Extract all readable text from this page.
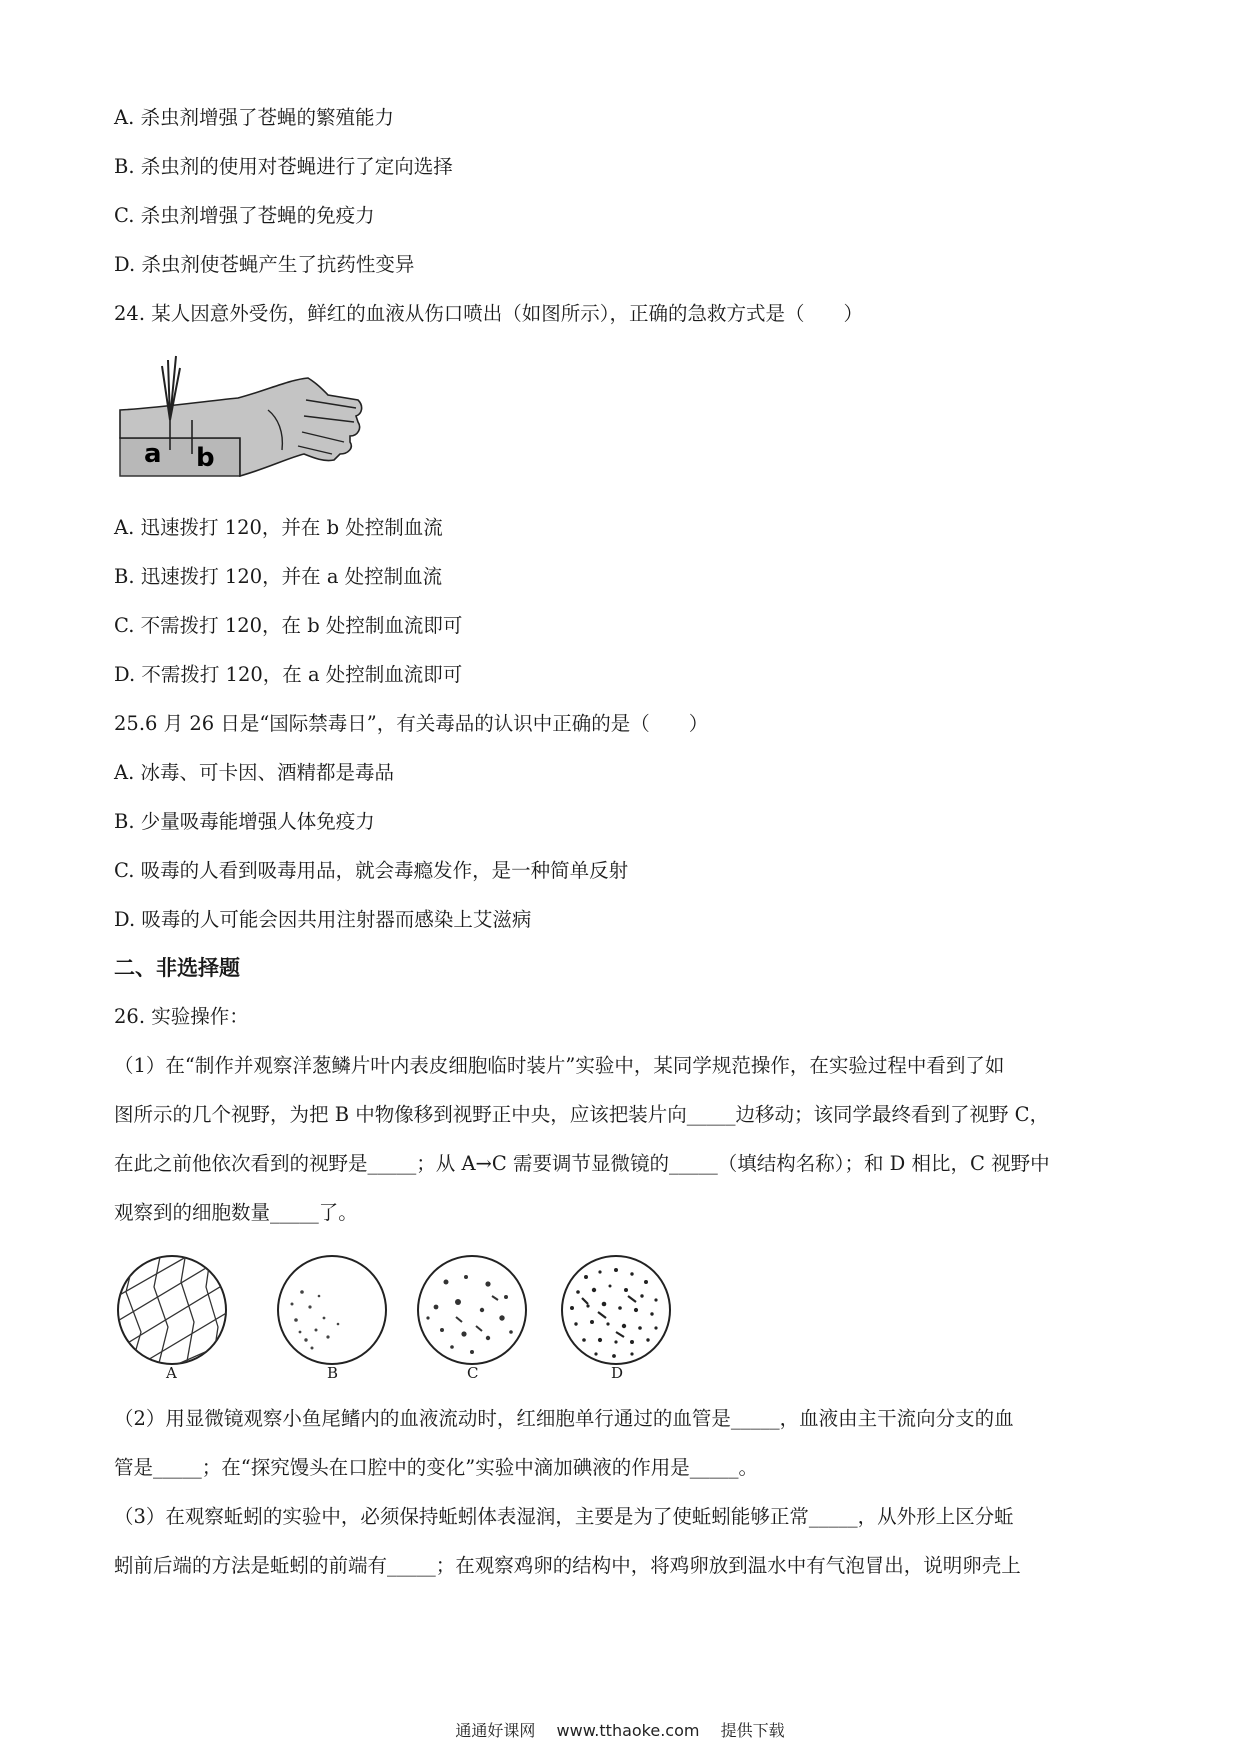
A. 杀虫剂增强了苍蝇的繁殖能力
B. 杀虫剂的使用对苍蝇进行了定向选择
C. 杀虫剂增强了苍蝇的免疫力
D. 杀虫剂使苍蝇产生了抗药性变异
24. 某人因意外受伤，鲜红的血液从伤口喷出（如图所示），正确的急救方式是（　　）
a b
A. 迅速拨打 120，并在 b 处控制血流
B. 迅速拨打 120，并在 a 处控制血流
C. 不需拨打 120，在 b 处控制血流即可
D. 不需拨打 120，在 a 处控制血流即可
25.6 月 26 日是“国际禁毒日”，有关毒品的认识中正确的是（　　）
A. 冰毒、可卡因、酒精都是毒品
B. 少量吸毒能增强人体免疫力
C. 吸毒的人看到吸毒用品，就会毒瘾发作，是一种简单反射
D. 吸毒的人可能会因共用注射器而感染上艾滋病
二、非选择题
26. 实验操作：
（1）在“制作并观察洋葱鳞片叶内表皮细胞临时装片”实验中，某同学规范操作，在实验过程中看到了如
图所示的几个视野，为把 B 中物像移到视野正中央，应该把装片向_____边移动；该同学最终看到了视野 C，
在此之前他依次看到的视野是_____；从 A→C 需要调节显微镜的_____（填结构名称）；和 D 相比，C 视野中
观察到的细胞数量_____了。
A	B	C	D
（2）用显微镜观察小鱼尾鳍内的血液流动时，红细胞单行通过的血管是_____，血液由主干流向分支的血
管是_____；在“探究馒头在口腔中的变化”实验中滴加碘液的作用是_____。
（3）在观察蚯蚓的实验中，必须保持蚯蚓体表湿润，主要是为了使蚯蚓能够正常_____，从外形上区分蚯
蚓前后端的方法是蚯蚓的前端有_____；在观察鸡卵的结构中，将鸡卵放到温水中有气泡冒出，说明卵壳上
通通好课网 www.tthaoke.com 提供下载
